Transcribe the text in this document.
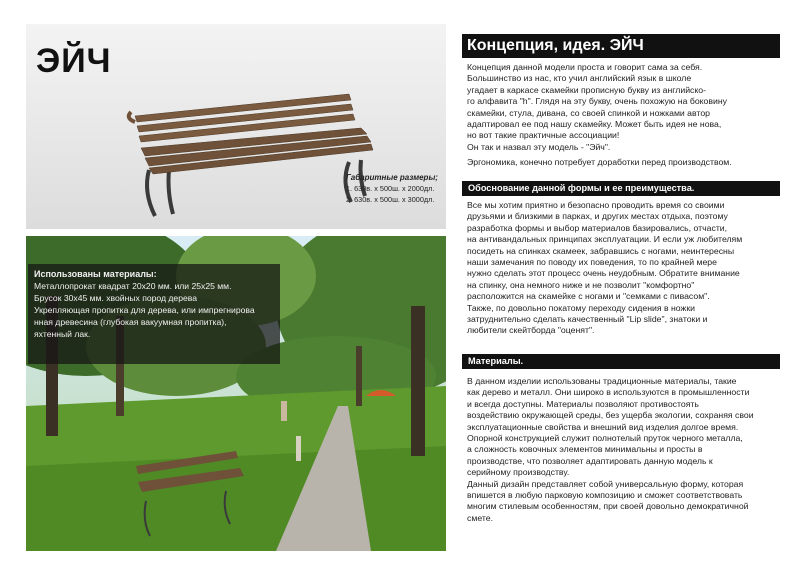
ЭЙЧ
Габаритные размеры;
1. 630в. x 500ш. x 2000дл.
2. 630в. x 500ш. x 3000дл.
Использованы материалы:
Металлопрокат квадрат 20x20 мм. или 25x25 мм.
Брусок 30x45 мм. хвойных пород дерева
Укрепляющая пропитка для дерева, или импрегнирова
нная древесина (глубокая вакуумная пропитка),
яхтенный лак.
Концепция, идея. ЭЙЧ

Концепция данной модели проста и говорит сама за себя.

Большинство из нас, кто учил английский язык в школе

угадает в каркасе скамейки прописную букву из английско-

го алфавита "h". Глядя на эту букву, очень похожую на боковину

скамейки, стула, дивана, со своей спинкой и ножками автор

адаптировал ее под нашу скамейку. Может быть идея не нова,

но вот такие практичные ассоциации!

Он так и назвал эту модель - "Эйч".

Эргономика, конечно потребует доработки перед производством.

Обоснование данной формы и ее преимущества.

Все мы хотим приятно и безопасно проводить время со своими

друзьями и близкими в парках, и других местах отдыха, поэтому

разработка формы и выбор материалов базировались, отчасти,

на антивандальных принципах эксплуатации. И если уж любителям

посидеть на спинках скамеек, забравшись с ногами, неинтересны

наши замечания по поводу их поведения, то по крайней мере

нужно сделать этот процесс очень неудобным. Обратите внимание

на спинку, она немного ниже и не позволит "комфортно"

расположится на скамейке с ногами и "семками с пивасом".

Также, по довольно покатому переходу сидения в ножки

затруднительно сделать качественный "Lip slide", знатоки и

любители скейтборда "оценят".

Материалы.

В данном изделии использованы традиционные материалы, такие

как дерево и металл. Они широко в используются в промышленности

и всегда доступны. Материалы позволяют противостоять

воздействию окружающей среды, без ущерба экологии, сохраняя свои

эксплуатационные свойства и внешний вид изделия долгое время.

Опорной конструкцией служит полнотелый пруток черного металла,

а сложность ковочных элементов минимальны и просты в

производстве, что позволяет адаптировать данную модель к

серийному производству.

Данный дизайн представляет собой универсальную форму, которая

впишется в любую парковую композицию и сможет соответствовать

многим стилевым особенностям, при своей довольно демократичной

смете.
